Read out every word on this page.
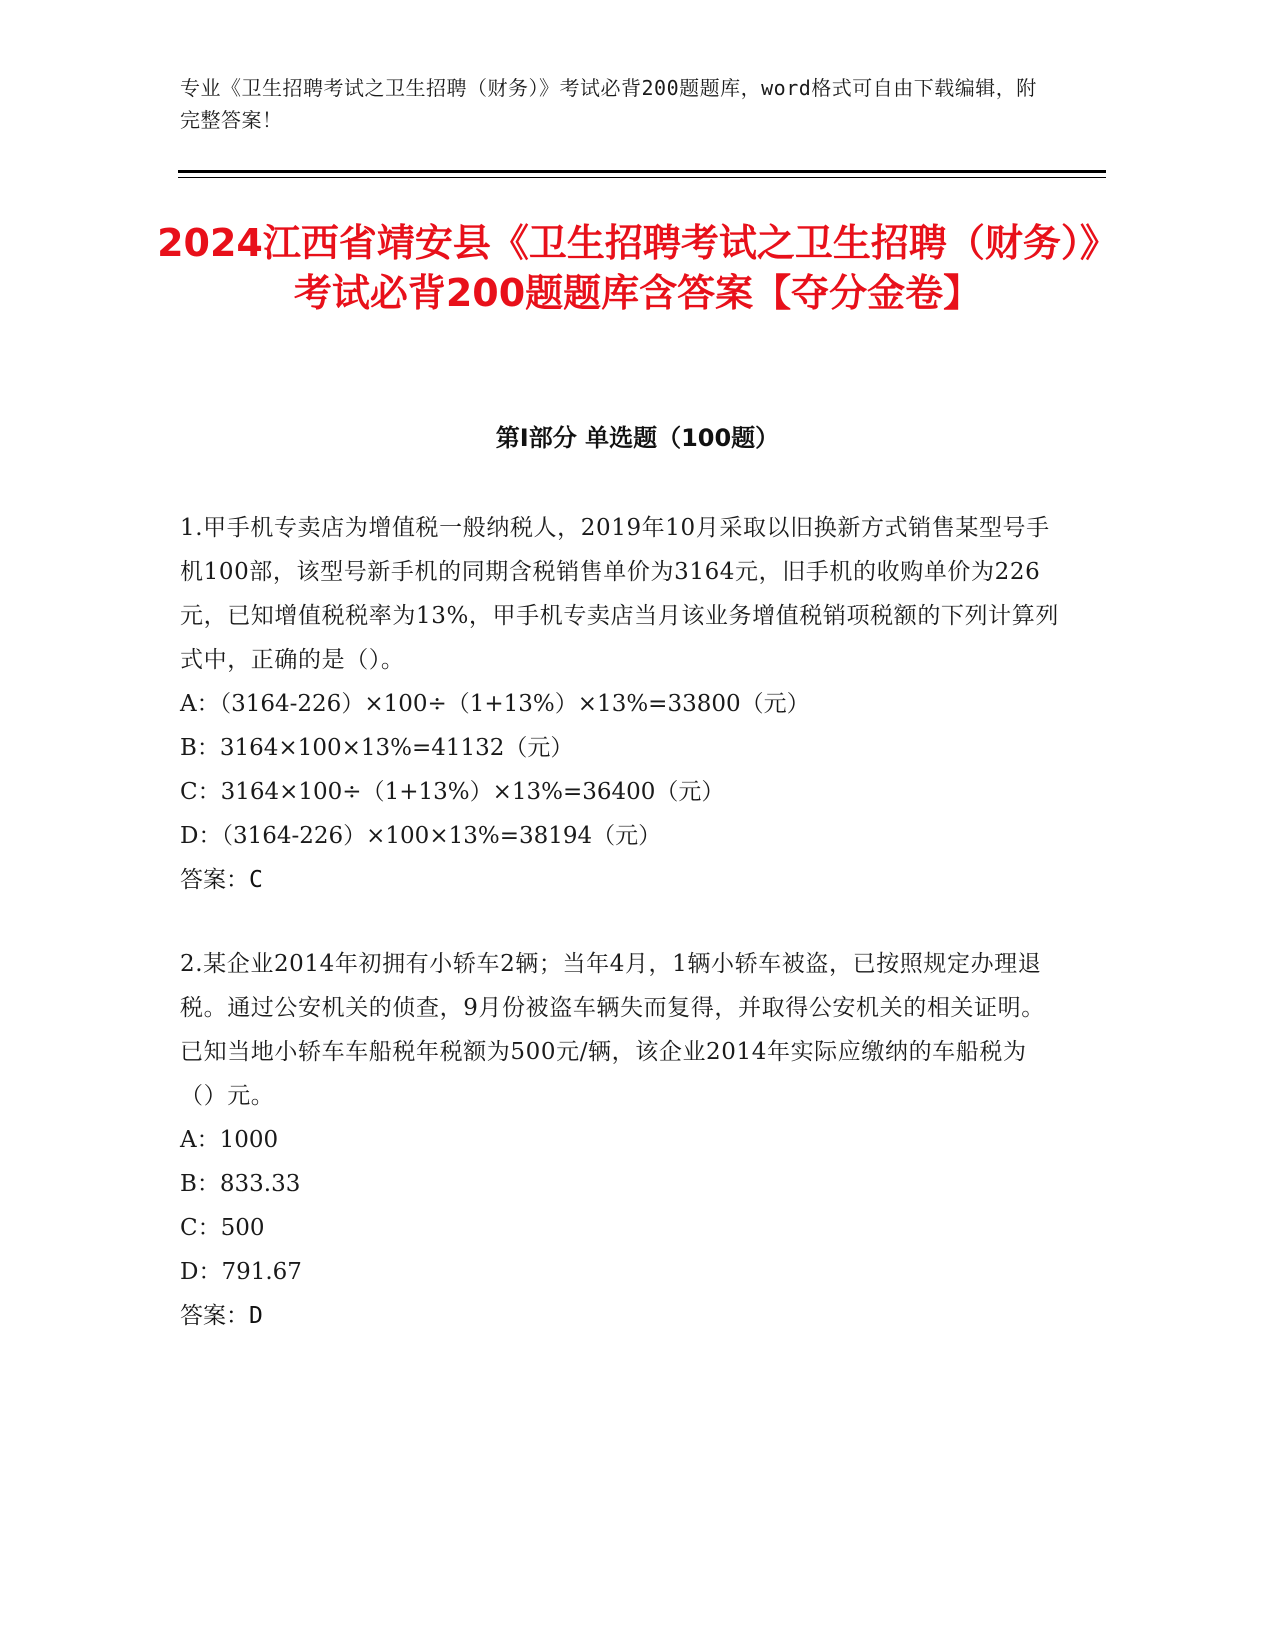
专业《卫生招聘考试之卫生招聘（财务）》考试必背200题题库，word格式可自由下载编辑，附完整答案！
2024江西省靖安县《卫生招聘考试之卫生招聘（财务）》考试必背200题题库含答案【夺分金卷】
第Ⅰ部分 单选题（100题）

1.甲手机专卖店为增值税一般纳税人，2019年10月采取以旧换新方式销售某型号手机100部，该型号新手机的同期含税销售单价为3164元，旧手机的收购单价为226元，已知增值税税率为13%，甲手机专卖店当月该业务增值税销项税额的下列计算列式中，正确的是（）。

A：（3164-226）×100÷（1+13%）×13%=33800（元）

B：3164×100×13%=41132（元）

C：3164×100÷（1+13%）×13%=36400（元）

D：（3164-226）×100×13%=38194（元）

答案：C

2.某企业2014年初拥有小轿车2辆；当年4月，1辆小轿车被盗，已按照规定办理退税。通过公安机关的侦查，9月份被盗车辆失而复得，并取得公安机关的相关证明。已知当地小轿车车船税年税额为500元/辆，该企业2014年实际应缴纳的车船税为（）元。

A：1000

B：833.33

C：500

D：791.67

答案：D
